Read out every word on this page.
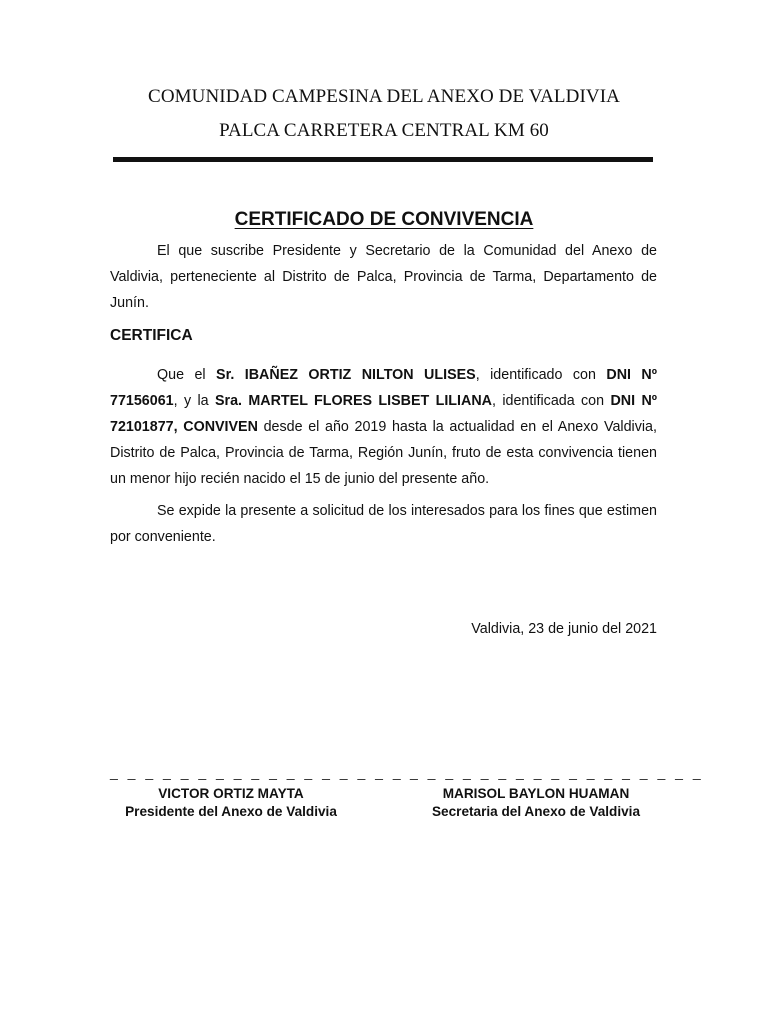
COMUNIDAD CAMPESINA DEL ANEXO DE VALDIVIA
PALCA CARRETERA CENTRAL KM 60
CERTIFICADO DE CONVIVENCIA

El que suscribe Presidente y Secretario de la Comunidad del Anexo de Valdivia, perteneciente al Distrito de Palca, Provincia de Tarma, Departamento de Junín.

CERTIFICA

Que el Sr. IBAÑEZ ORTIZ NILTON ULISES, identificado con DNI Nº 77156061, y la Sra. MARTEL FLORES LISBET LILIANA, identificada con DNI Nº 72101877, CONVIVEN desde el año 2019 hasta la actualidad en el Anexo Valdivia, Distrito de Palca, Provincia de Tarma, Región Junín, fruto de esta convivencia tienen un menor hijo recién nacido el 15 de junio del presente año.

Se expide la presente a solicitud de los interesados para los fines que estimen por conveniente.

Valdivia, 23 de junio del 2021
_ _ _ _ _ _ _ _ _ _ _ _ _ _ _ _ _ _ _ _ _ _ _ _ _ _ _ _ _ _ _ _ _ _
VICTOR ORTIZ MAYTA
Presidente del Anexo de Valdivia
MARISOL BAYLON HUAMAN
Secretaria del Anexo de Valdivia
